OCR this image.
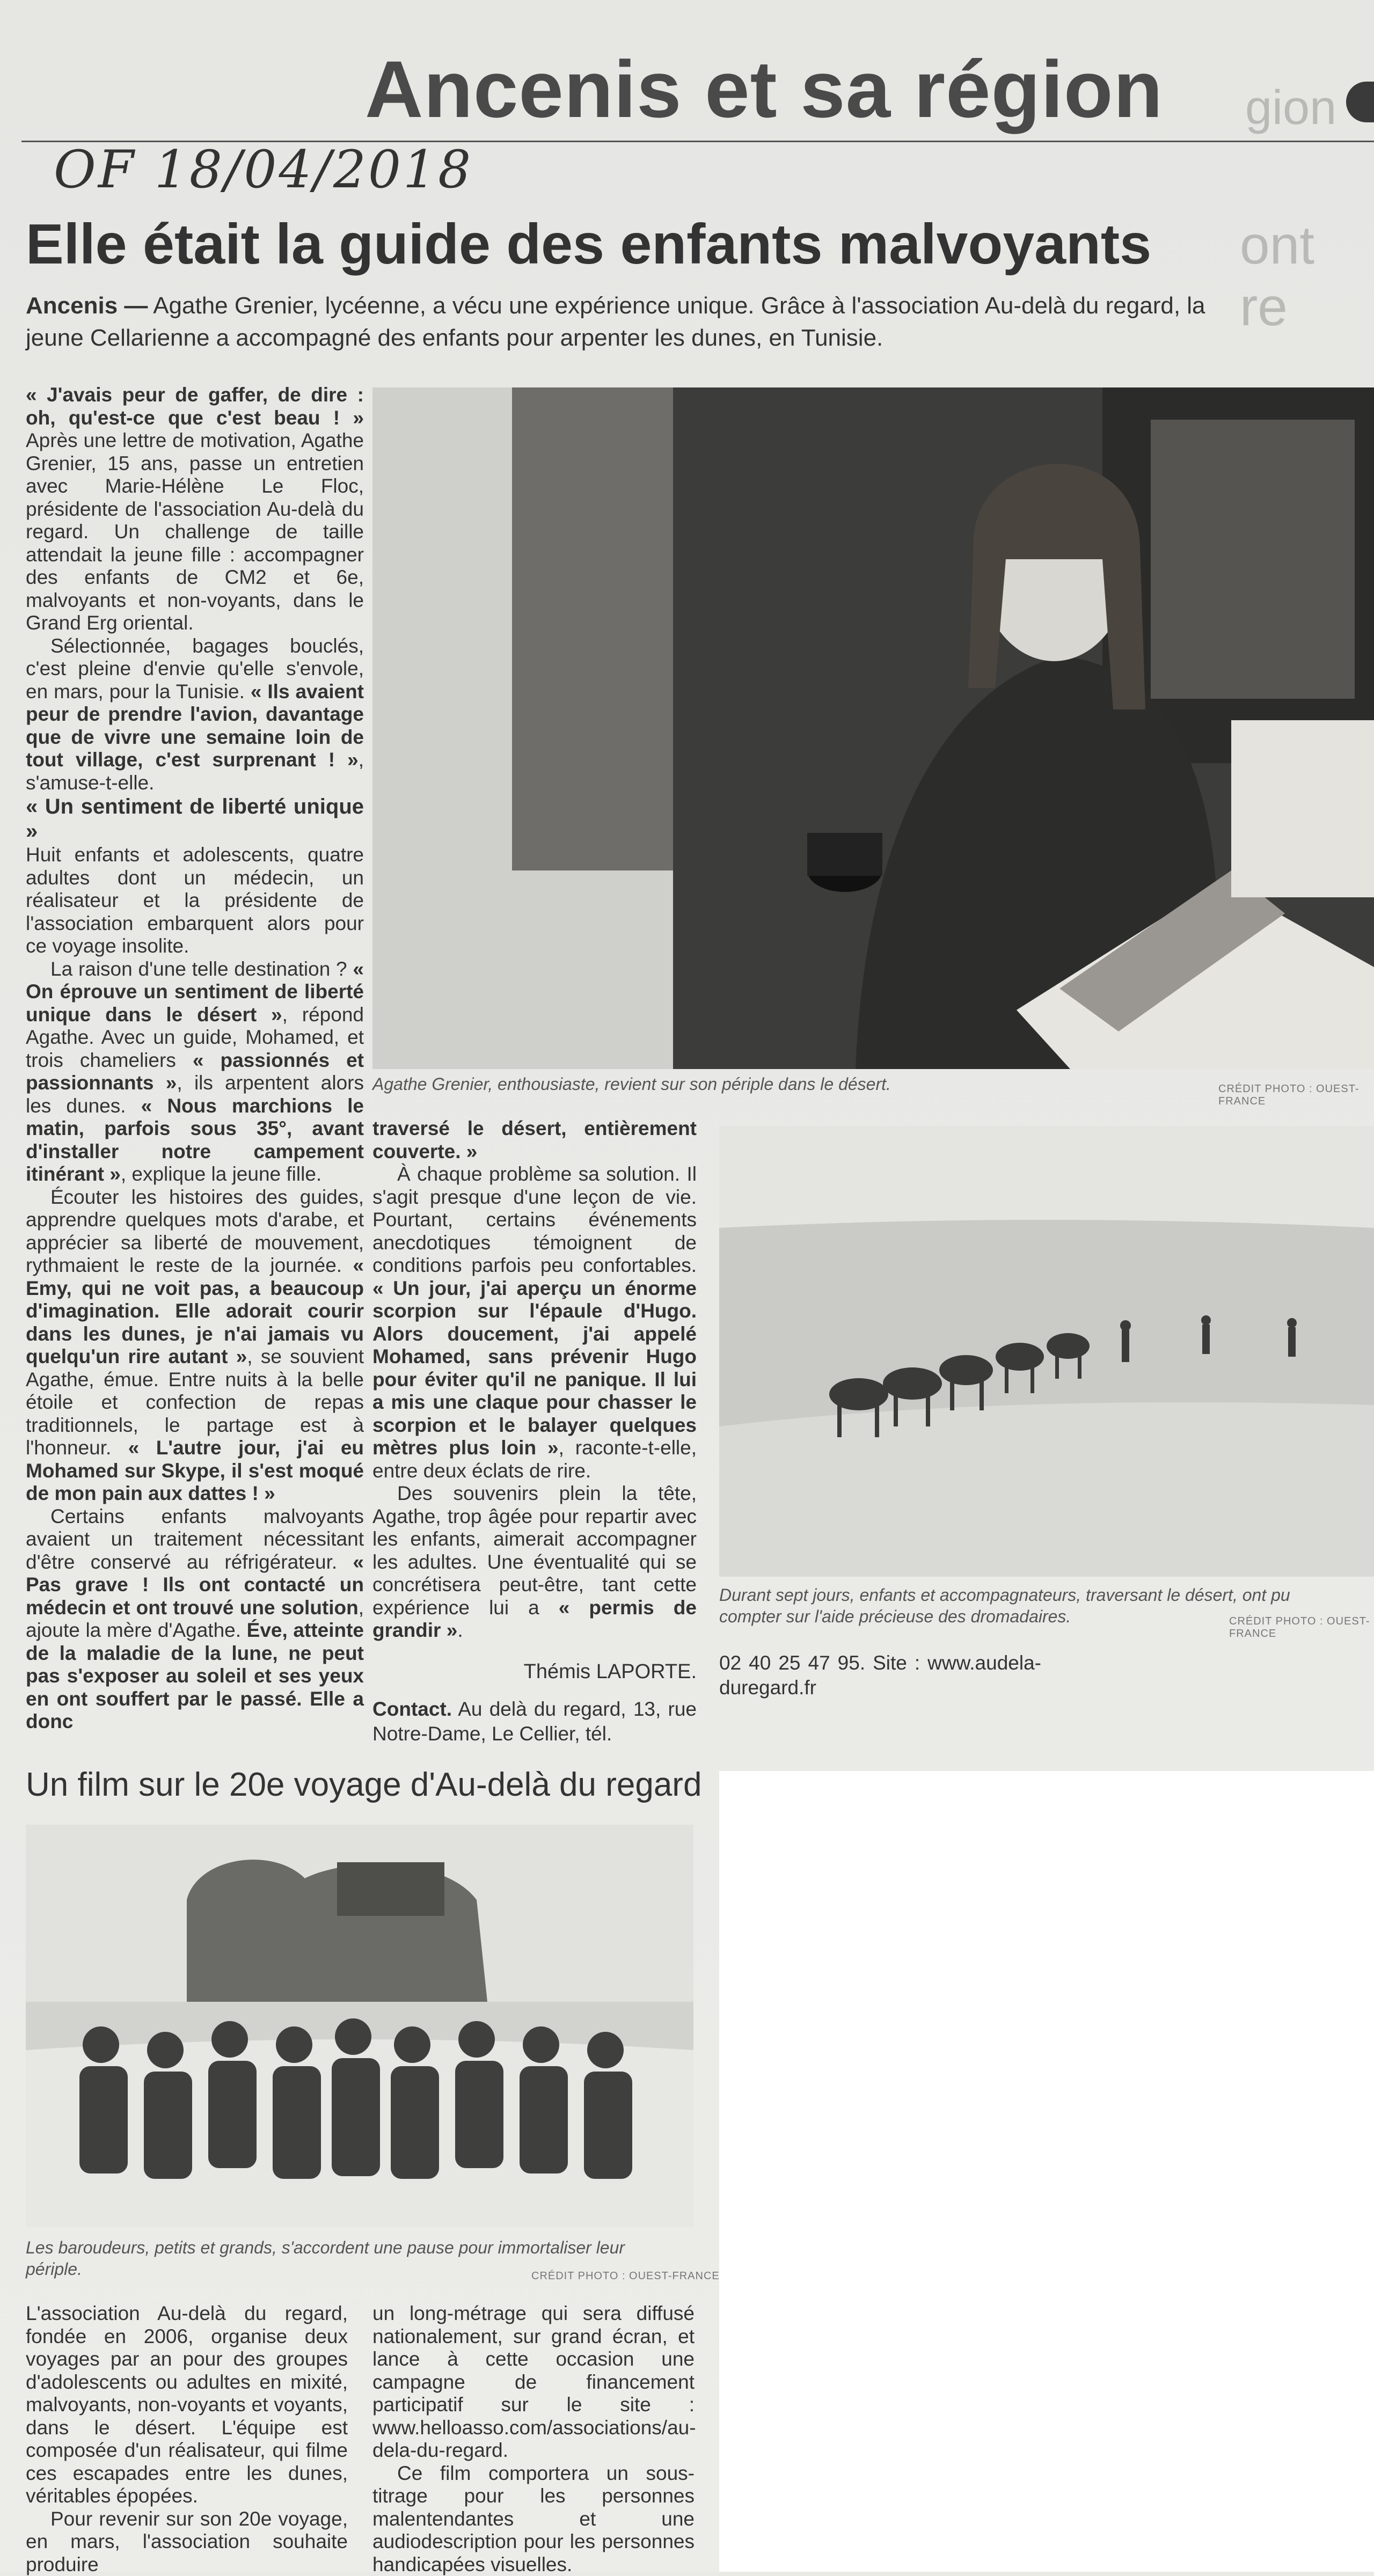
Ancenis et sa région gion
OF 18/04/2018
Elle était la guide des enfants malvoyants ont re
Ancenis — Agathe Grenier, lycéenne, a vécu une expérience unique. Grâce à l'association Au-delà du regard, la jeune Cellarienne a accompagné des enfants pour arpenter les dunes, en Tunisie.

« J'avais peur de gaffer, de dire : oh, qu'est-ce que c'est beau ! » Après une lettre de motivation, Agathe Grenier, 15 ans, passe un entretien avec Marie-Hélène Le Floc, présidente de l'association Au-delà du regard. Un challenge de taille attendait la jeune fille : accompagner des enfants de CM2 et 6e, malvoyants et non-voyants, dans le Grand Erg oriental.

Sélectionnée, bagages bouclés, c'est pleine d'envie qu'elle s'envole, en mars, pour la Tunisie. « Ils avaient peur de prendre l'avion, davantage que de vivre une semaine loin de tout village, c'est surprenant ! », s'amuse-t-elle.

« Un sentiment de liberté unique »

Huit enfants et adolescents, quatre adultes dont un médecin, un réalisateur et la présidente de l'association embarquent alors pour ce voyage insolite.

La raison d'une telle destination ? « On éprouve un sentiment de liberté unique dans le désert », répond Agathe. Avec un guide, Mohamed, et trois chameliers « passionnés et passionnants », ils arpentent alors les dunes. « Nous marchions le matin, parfois sous 35°, avant d'installer notre campement itinérant », explique la jeune fille.

Écouter les histoires des guides, apprendre quelques mots d'arabe, et apprécier sa liberté de mouvement, rythmaient le reste de la journée. « Emy, qui ne voit pas, a beaucoup d'imagination. Elle adorait courir dans les dunes, je n'ai jamais vu quelqu'un rire autant », se souvient Agathe, émue. Entre nuits à la belle étoile et confection de repas traditionnels, le partage est à l'honneur. « L'autre jour, j'ai eu Mohamed sur Skype, il s'est moqué de mon pain aux dattes ! »

Certains enfants malvoyants avaient un traitement nécessitant d'être conservé au réfrigérateur. « Pas grave ! Ils ont contacté un médecin et ont trouvé une solution, ajoute la mère d'Agathe. Éve, atteinte de la maladie de la lune, ne peut pas s'exposer au soleil et ses yeux en ont souffert par le passé. Elle a donc

Agathe Grenier, enthousiaste, revient sur son périple dans le désert.	CRÉDIT PHOTO : OUEST-FRANCE

traversé le désert, entièrement couverte. »

À chaque problème sa solution. Il s'agit presque d'une leçon de vie. Pourtant, certains événements anecdotiques témoignent de conditions parfois peu confortables. « Un jour, j'ai aperçu un énorme scorpion sur l'épaule d'Hugo. Alors doucement, j'ai appelé Mohamed, sans prévenir Hugo pour éviter qu'il ne panique. Il lui a mis une claque pour chasser le scorpion et le balayer quelques mètres plus loin », raconte-t-elle, entre deux éclats de rire.

Des souvenirs plein la tête, Agathe, trop âgée pour repartir avec les enfants, aimerait accompagner les adultes. Une éventualité qui se concrétisera peut-être, tant cette expérience lui a « permis de grandir ».

Thémis LAPORTE.

Contact. Au delà du regard, 13, rue Notre-Dame, Le Cellier, tél.

02 40 25 47 95. Site : www.audela-duregard.fr
Durant sept jours, enfants et accompagnateurs, traversant le désert, ont pu compter sur l'aide précieuse des dromadaires.	CRÉDIT PHOTO : OUEST-FRANCE
Un film sur le 20e voyage d'Au-delà du regard
Les baroudeurs, petits et grands, s'accordent une pause pour immortaliser leur périple.	CRÉDIT PHOTO : OUEST-FRANCE

L'association Au-delà du regard, fondée en 2006, organise deux voyages par an pour des groupes d'adolescents ou adultes en mixité, malvoyants, non-voyants et voyants, dans le désert. L'équipe est composée d'un réalisateur, qui filme ces escapades entre les dunes, véritables épopées.

Pour revenir sur son 20e voyage, en mars, l'association souhaite produire

un long-métrage qui sera diffusé nationalement, sur grand écran, et lance à cette occasion une campagne de financement participatif sur le site : www.helloasso.com/associations/au-dela-du-regard.

Ce film comportera un sous-titrage pour les personnes malentendantes et une audiodescription pour les personnes handicapées visuelles.
